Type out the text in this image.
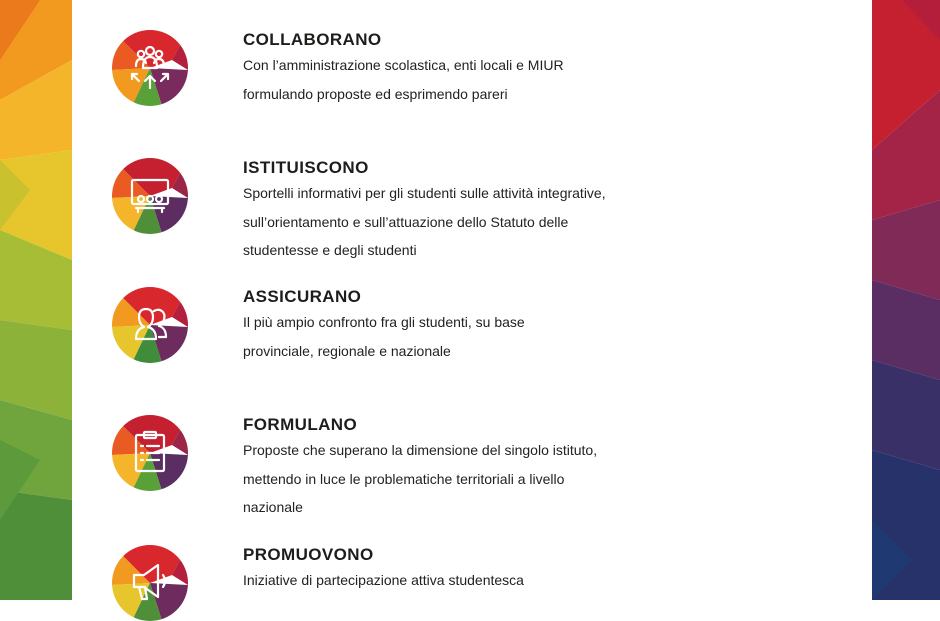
COLLABORANO
Con l’amministrazione scolastica, enti locali e MIUR
formulando proposte ed esprimendo pareri
ISTITUISCONO
Sportelli informativi per gli studenti sulle attività integrative,
sull’orientamento e sull’attuazione dello Statuto delle
studentesse e degli studenti
ASSICURANO
Il più ampio confronto fra gli studenti, su base
provinciale, regionale e nazionale
FORMULANO
Proposte che superano la dimensione del singolo istituto,
mettendo in luce le problematiche territoriali a livello
nazionale
PROMUOVONO
Iniziative di partecipazione attiva studentesca
